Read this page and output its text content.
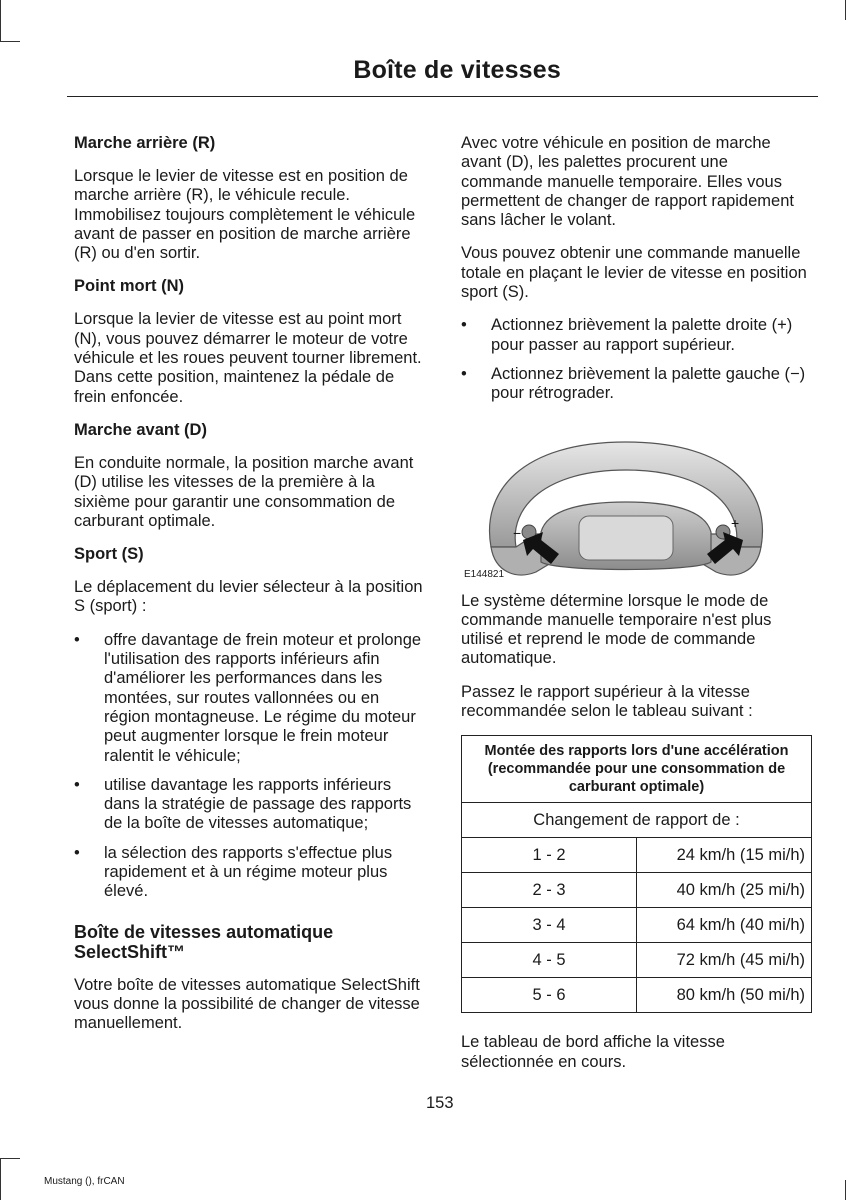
Boîte de vitesses
Marche arrière (R)

Lorsque le levier de vitesse est en position de marche arrière (R), le véhicule recule. Immobilisez toujours complètement le véhicule avant de passer en position de marche arrière (R) ou d'en sortir.

Point mort (N)

Lorsque la levier de vitesse est au point mort (N), vous pouvez démarrer le moteur de votre véhicule et les roues peuvent tourner librement. Dans cette position, maintenez la pédale de frein enfoncée.

Marche avant (D)

En conduite normale, la position marche avant (D) utilise les vitesses de la première à la sixième pour garantir une consommation de carburant optimale.

Sport (S)

Le déplacement du levier sélecteur à la position S (sport) :

• offre davantage de frein moteur et prolonge l'utilisation des rapports inférieurs afin d'améliorer les performances dans les montées, sur routes vallonnées ou en région montagneuse. Le régime du moteur peut augmenter lorsque le frein moteur ralentit le véhicule;
• utilise davantage les rapports inférieurs dans la stratégie de passage des rapports de la boîte de vitesses automatique;
• la sélection des rapports s'effectue plus rapidement et à un régime moteur plus élevé.
Boîte de vitesses automatique SelectShift™

Votre boîte de vitesses automatique SelectShift vous donne la possibilité de changer de vitesse manuellement.

Avec votre véhicule en position de marche avant (D), les palettes procurent une commande manuelle temporaire. Elles vous permettent de changer de rapport rapidement sans lâcher le volant.

Vous pouvez obtenir une commande manuelle totale en plaçant le levier de vitesse en position sport (S).

• Actionnez brièvement la palette droite (+) pour passer au rapport supérieur.
• Actionnez brièvement la palette gauche (−) pour rétrograder.
−
+
E144821

Le système détermine lorsque le mode de commande manuelle temporaire n'est plus utilisé et reprend le mode de commande automatique.

Passez le rapport supérieur à la vitesse recommandée selon le tableau suivant :

Montée des rapports lors d'une accélération (recommandée pour une consommation de carburant optimale)	
Changement de rapport de :	
1 - 2	24 km/h (15 mi/h)
2 - 3	40 km/h (25 mi/h)
3 - 4	64 km/h (40 mi/h)
4 - 5	72 km/h (45 mi/h)
5 - 6	80 km/h (50 mi/h)

Le tableau de bord affiche la vitesse sélectionnée en cours.

153
Mustang (), frCAN
